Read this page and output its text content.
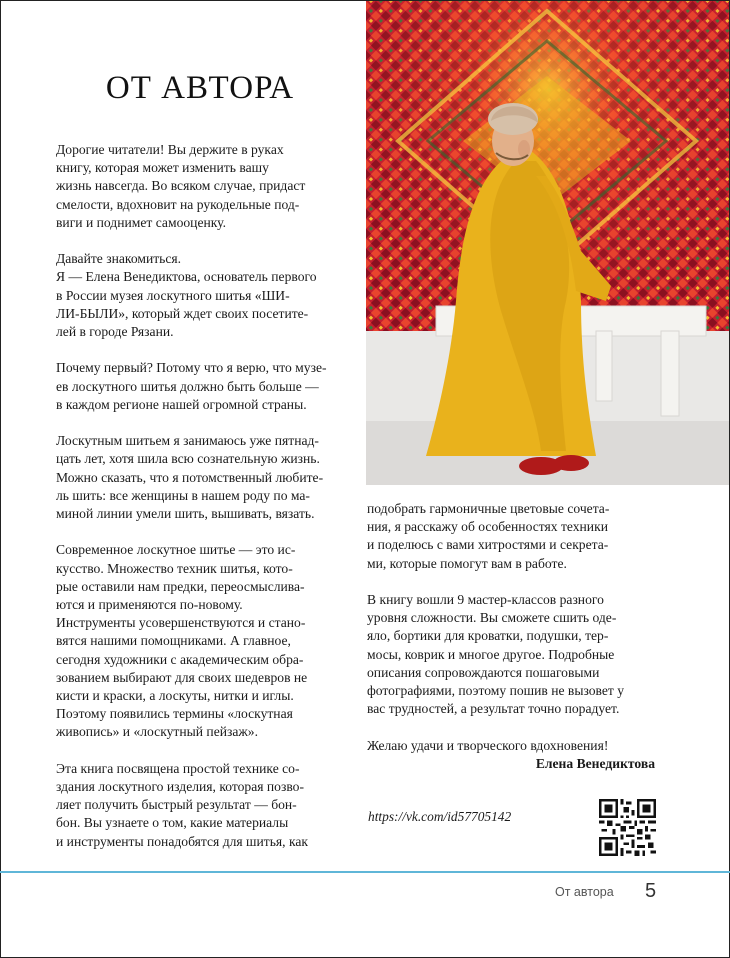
ОТ АВТОРА

Дорогие читатели! Вы держите в руках
книгу, которая может изменить вашу
жизнь навсегда. Во всяком случае, придаст
смелости, вдохновит на рукодельные под-
виги и поднимет самооценку.

Давайте знакомиться.
Я — Елена Венедиктова, основатель первого
в России музея лоскутного шитья «ШИ-
ЛИ-БЫЛИ», который ждет своих посетите-
лей в городе Рязани.

Почему первый? Потому что я верю, что музе-
ев лоскутного шитья должно быть больше —
в каждом регионе нашей огромной страны.

Лоскутным шитьем я занимаюсь уже пятнад-
цать лет, хотя шила всю сознательную жизнь.
Можно сказать, что я потомственный любите-
ль шить: все женщины в нашем роду по ма-
миной линии умели шить, вышивать, вязать.

Современное лоскутное шитье — это ис-
кусство. Множество техник шитья, кото-
рые оставили нам предки, переосмыслива-
ются и применяются по-новому.
Инструменты усовершенствуются и стано-
вятся нашими помощниками. А главное,
сегодня художники с академическим обра-
зованием выбирают для своих шедевров не
кисти и краски, а лоскуты, нитки и иглы.
Поэтому появились термины «лоскутная
живопись» и «лоскутный пейзаж».

Эта книга посвящена простой технике со-
здания лоскутного изделия, которая позво-
ляет получить быстрый результат — бон-
бон. Вы узнаете о том, какие материалы
и инструменты понадобятся для шитья, как

подобрать гармоничные цветовые сочета-
ния, я расскажу об особенностях техники
и поделюсь с вами хитростями и секрета-
ми, которые помогут вам в работе.

В книгу вошли 9 мастер-классов разного
уровня сложности. Вы сможете сшить оде-
яло, бортики для кроватки, подушки, тер-
мосы, коврик и многое другое. Подробные
описания сопровождаются пошаговыми
фотографиями, поэтому пошив не вызовет у
вас трудностей, а результат точно порадует.

Желаю удачи и творческого вдохновения!

Елена Венедиктова

https://vk.com/id57705142
От автора 5
